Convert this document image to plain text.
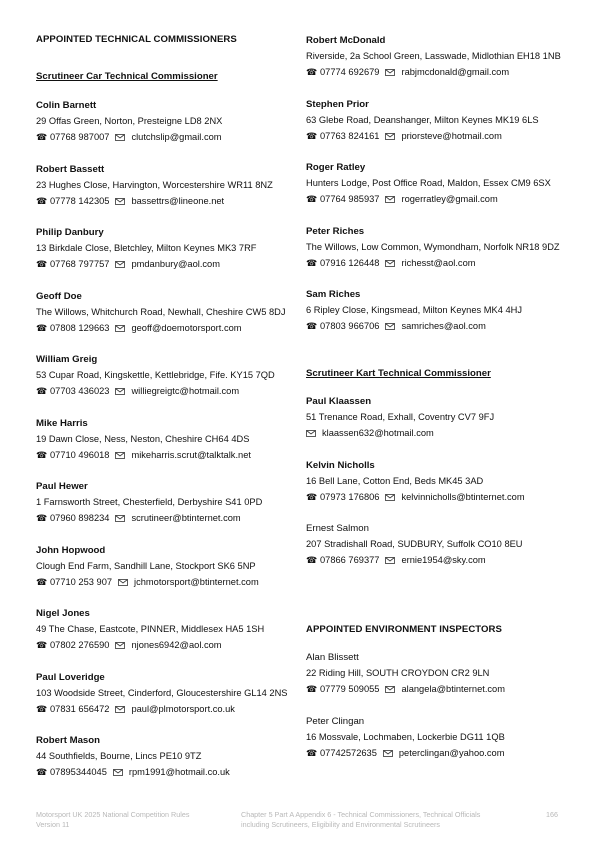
APPOINTED TECHNICAL COMMISSIONERS
Scrutineer Car Technical Commissioner
Colin Barnett
29 Offas Green, Norton, Presteigne LD8 2NX
☎ 07768 987007 clutchslip@gmail.com
Robert Bassett
23 Hughes Close, Harvington, Worcestershire WR11 8NZ
☎ 07778 142305 bassettrs@lineone.net
Philip Danbury
13 Birkdale Close, Bletchley, Milton Keynes MK3 7RF
☎ 07768 797757 pmdanbury@aol.com
Geoff Doe
The Willows, Whitchurch Road, Newhall, Cheshire CW5 8DJ
☎ 07808 129663 geoff@doemotorsport.com
William Greig
53 Cupar Road, Kingskettle, Kettlebridge, Fife. KY15 7QD
☎ 07703 436023 williegreigtc@hotmail.com
Mike Harris
19 Dawn Close, Ness, Neston, Cheshire CH64 4DS
☎ 07710 496018 mikeharris.scrut@talktalk.net
Paul Hewer
1 Farnsworth Street, Chesterfield, Derbyshire S41 0PD
☎ 07960 898234 scrutineer@btinternet.com
John Hopwood
Clough End Farm, Sandhill Lane, Stockport SK6 5NP
☎ 07710 253 907 jchmotorsport@btinternet.com
Nigel Jones
49 The Chase, Eastcote, PINNER, Middlesex HA5 1SH
☎ 07802 276590 njones6942@aol.com
Paul Loveridge
103 Woodside Street, Cinderford, Gloucestershire GL14 2NS
☎ 07831 656472 paul@plmotorsport.co.uk
Robert Mason
44 Southfields, Bourne, Lincs PE10 9TZ
☎ 07895344045 rpm1991@hotmail.co.uk
Robert McDonald
Riverside, 2a School Green, Lasswade, Midlothian EH18 1NB
☎ 07774 692679 rabjmcdonald@gmail.com
Stephen Prior
63 Glebe Road, Deanshanger, Milton Keynes MK19 6LS
☎ 07763 824161 priorsteve@hotmail.com
Roger Ratley
Hunters Lodge, Post Office Road, Maldon, Essex CM9 6SX
☎ 07764 985937 rogerratley@gmail.com
Peter Riches
The Willows, Low Common, Wymondham, Norfolk NR18 9DZ
☎ 07916 126448 richesst@aol.com
Sam Riches
6 Ripley Close, Kingsmead, Milton Keynes MK4 4HJ
☎ 07803 966706 samriches@aol.com
Scrutineer Kart Technical Commissioner
Paul Klaassen
51 Trenance Road, Exhall, Coventry CV7 9FJ
klaassen632@hotmail.com
Kelvin Nicholls
16 Bell Lane, Cotton End, Beds MK45 3AD
☎ 07973 176806 kelvinnicholls@btinternet.com
Ernest Salmon
207 Stradishall Road, SUDBURY, Suffolk CO10 8EU
☎ 07866 769377 ernie1954@sky.com
APPOINTED ENVIRONMENT INSPECTORS
Alan Blissett
22 Riding Hill, SOUTH CROYDON CR2 9LN
☎ 07779 509055 alangela@btinternet.com
Peter Clingan
16 Mossvale, Lochmaben, Lockerbie DG11 1QB
☎ 07742572635 peterclingan@yahoo.com
Motorsport UK 2025 National Competition Rules
Version 11
Chapter 5 Part A Appendix 6 - Technical Commissioners, Technical Officials
including Scrutineers, Eligibility and Environmental Scrutineers
166
